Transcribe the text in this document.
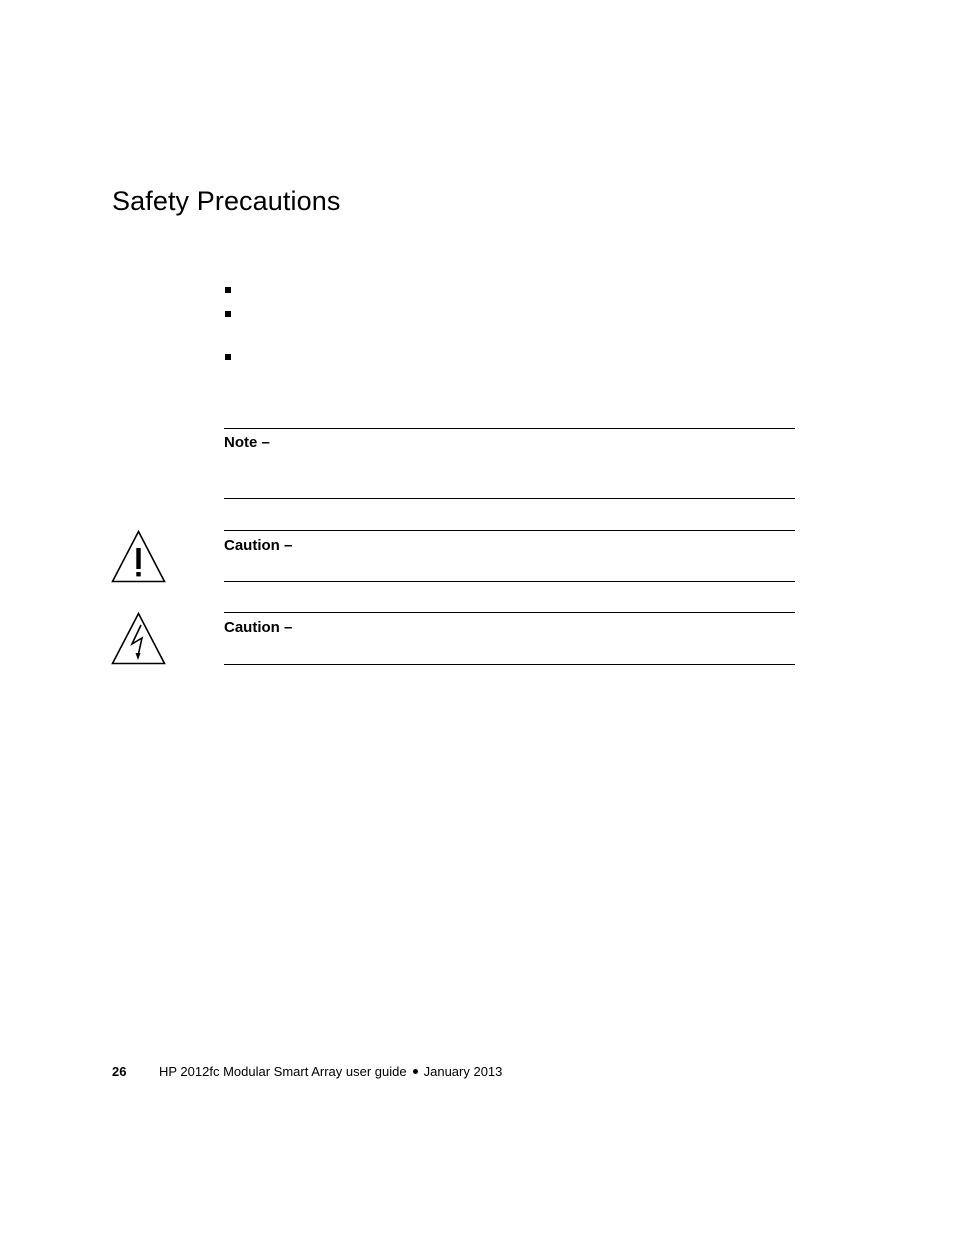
Safety Precautions
Note –
Caution –
Caution –
26	HP 2012fc Modular Smart Array user guide January 2013
